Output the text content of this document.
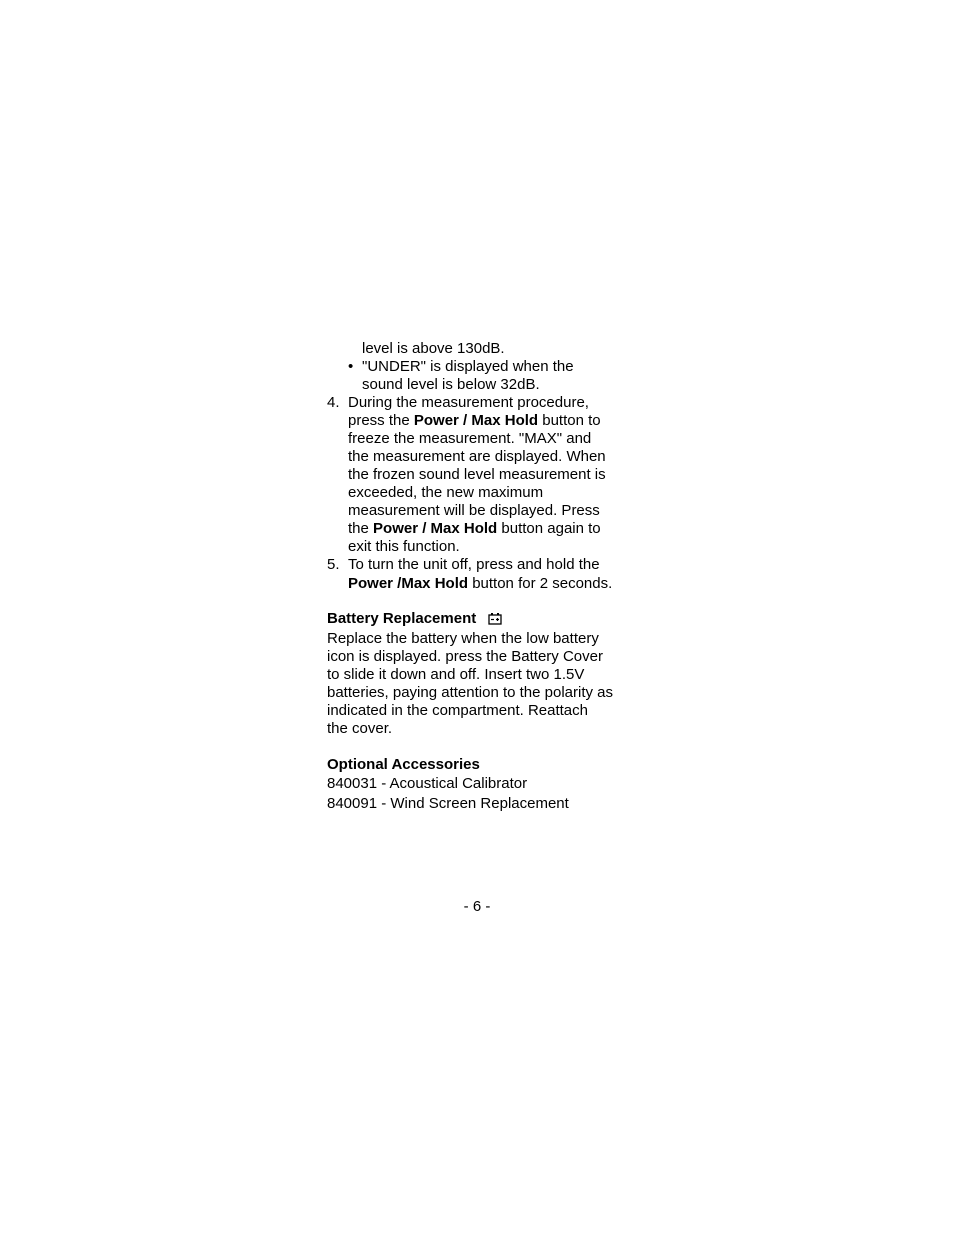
level is above 130dB.
• "UNDER" is displayed when the
sound level is below 32dB.
4. During the measurement procedure,
press the Power / Max Hold button to
freeze the measurement. "MAX" and
the measurement are displayed. When
the frozen sound level measurement is
exceeded, the new maximum
measurement will be displayed. Press
the Power / Max Hold button again to
exit this function.
5. To turn the unit off, press and hold the
Power /Max Hold button for 2 seconds.
Battery Replacement
Replace the battery when the low battery
icon is displayed. press the Battery Cover
to slide it down and off. Insert two 1.5V
batteries, paying attention to the polarity as
indicated in the compartment. Reattach
the cover.
Optional Accessories
840031 - Acoustical Calibrator
840091 - Wind Screen Replacement
- 6 -
